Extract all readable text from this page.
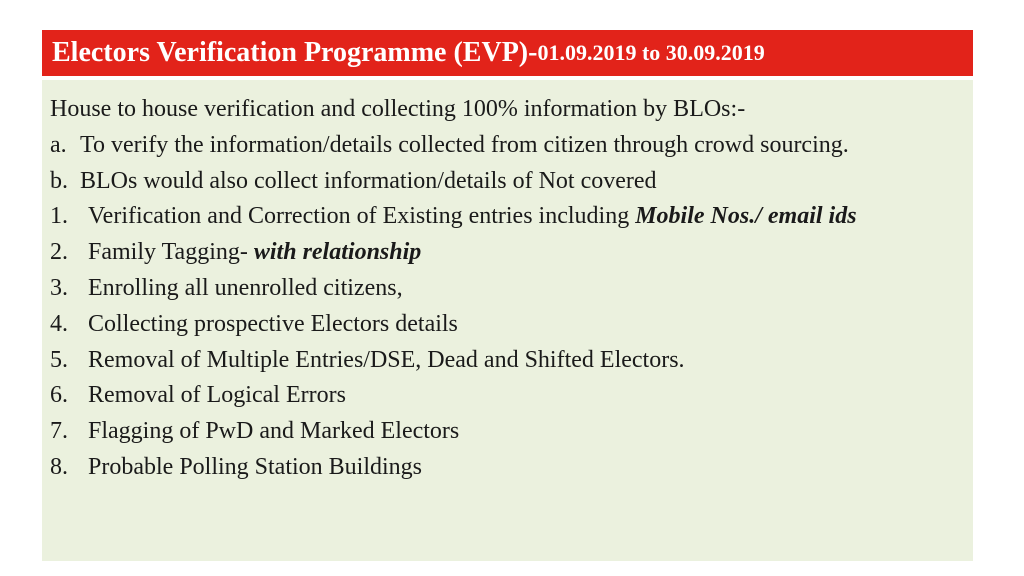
Electors Verification Programme (EVP)- 01.09.2019 to 30.09.2019
House to house verification and collecting 100% information by BLOs:-
a. To verify the information/details collected from citizen through crowd sourcing.
b. BLOs would also collect information/details of Not covered
1. Verification and Correction of Existing entries including Mobile Nos./ email ids
2. Family Tagging- with relationship
3. Enrolling all unenrolled citizens,
4. Collecting prospective Electors details
5. Removal of Multiple Entries/DSE, Dead and Shifted Electors.
6. Removal of Logical Errors
7. Flagging of PwD and Marked Electors
8. Probable Polling Station Buildings
